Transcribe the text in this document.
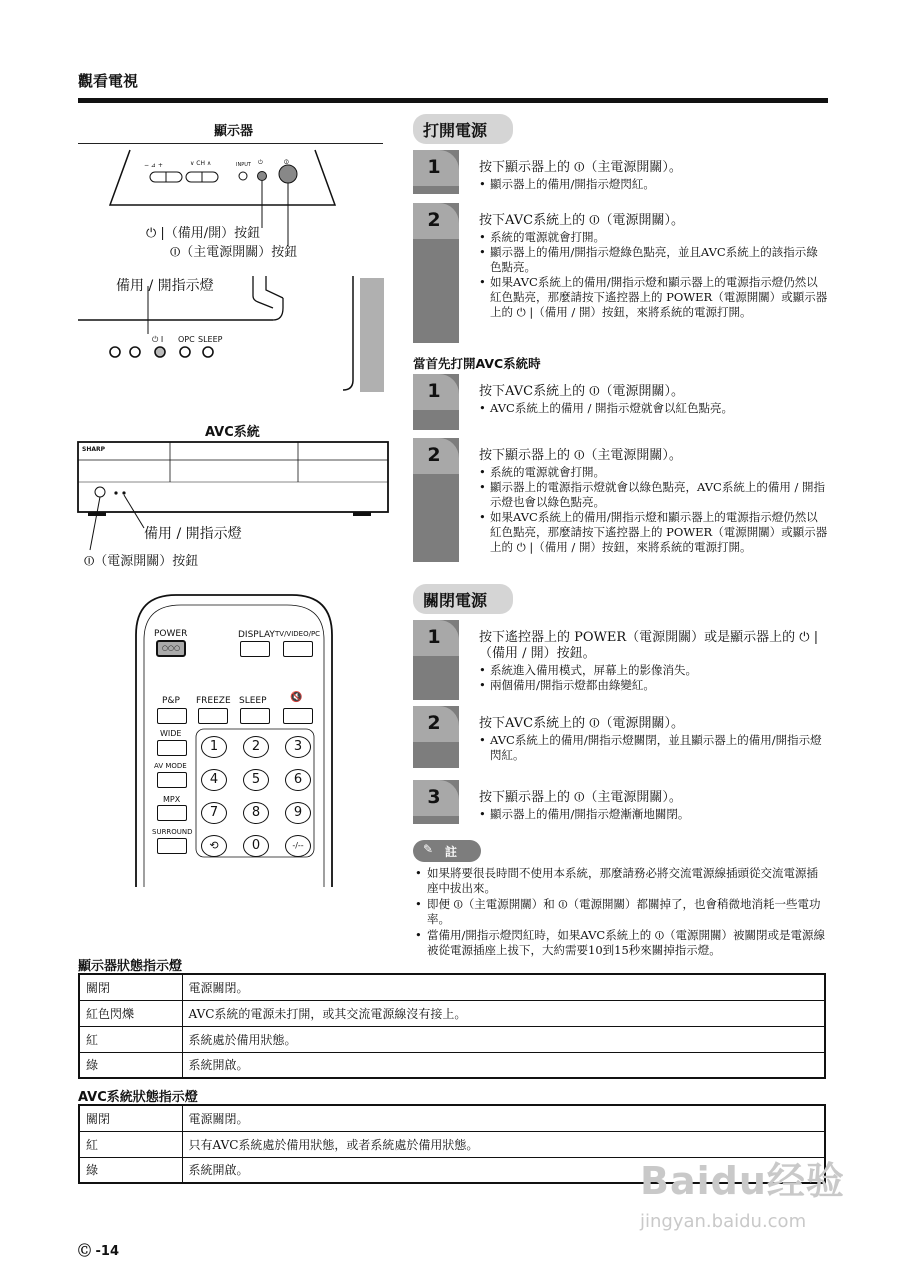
觀看電視
顯示器
− ⊿ +	∨ CH ∧	INPUT ⏻	⏼
⏻ |（備用/開）按鈕
⏼（主電源開關）按鈕
備用 / 開指示燈
⏻ I OPC SLEEP
AVC系統
SHARP
備用 / 開指示燈
⏼（電源開關）按鈕
POWER
○○○
DISPLAY TV/VIDEO/PC
P&P FREEZE SLEEP 🔇
WIDE
AV MODE
MPX
SURROUND
1	2	3
4	5	6
7	8	9
⟲	0	-/--
打開電源
1	按下顯示器上的 ⏼（主電源開關）。
• 顯示器上的備用/開指示燈閃紅。
2	按下AVC系統上的 ⏼（電源開關）。
• 系統的電源就會打開。
• 顯示器上的備用/開指示燈綠色點亮，並且AVC系統上的該指示綠色點亮。
• 如果AVC系統上的備用/開指示燈和顯示器上的電源指示燈仍然以紅色點亮，那麼請按下遙控器上的 POWER（電源開關）或顯示器上的 ⏻ |（備用 / 開）按鈕，來將系統的電源打開。
當首先打開AVC系統時
1	按下AVC系統上的 ⏼（電源開關）。
• AVC系統上的備用 / 開指示燈就會以紅色點亮。
2	按下顯示器上的 ⏼（主電源開關）。
• 系統的電源就會打開。
• 顯示器上的電源指示燈就會以綠色點亮，AVC系統上的備用 / 開指示燈也會以綠色點亮。
• 如果AVC系統上的備用/開指示燈和顯示器上的電源指示燈仍然以紅色點亮，那麼請按下遙控器上的 POWER（電源開關）或顯示器上的 ⏻ |（備用 / 開）按鈕，來將系統的電源打開。
關閉電源
1	按下遙控器上的 POWER（電源開關）或是顯示器上的 ⏻ |（備用 / 開）按鈕。
• 系統進入備用模式，屏幕上的影像消失。
• 兩個備用/開指示燈都由綠變紅。
2	按下AVC系統上的 ⏼（電源開關）。
• AVC系統上的備用/開指示燈關閉，並且顯示器上的備用/開指示燈閃紅。
3	按下顯示器上的 ⏼（主電源開關）。
• 顯示器上的備用/開指示燈漸漸地關閉。
✎ 註
• 如果將要很長時間不使用本系統，那麼請務必將交流電源線插頭從交流電源插座中拔出來。
• 即便 ⏼（主電源開關）和 ⏼（電源開關）都關掉了，也會稍微地消耗一些電功率。
• 當備用/開指示燈閃紅時，如果AVC系統上的 ⏼（電源開關）被關閉或是電源線被從電源插座上拔下，大約需要10到15秒來關掉指示燈。
顯示器狀態指示燈
關閉	電源關閉。
紅色閃爍	AVC系統的電源未打開，或其交流電源線沒有接上。
紅	系統處於備用狀態。
綠	系統開啟。
AVC系統狀態指示燈
關閉	電源關閉。
紅	只有AVC系統處於備用狀態，或者系統處於備用狀態。
綠	系統開啟。	Baidu经验
jingyan.baidu.com
Ⓒ -14
